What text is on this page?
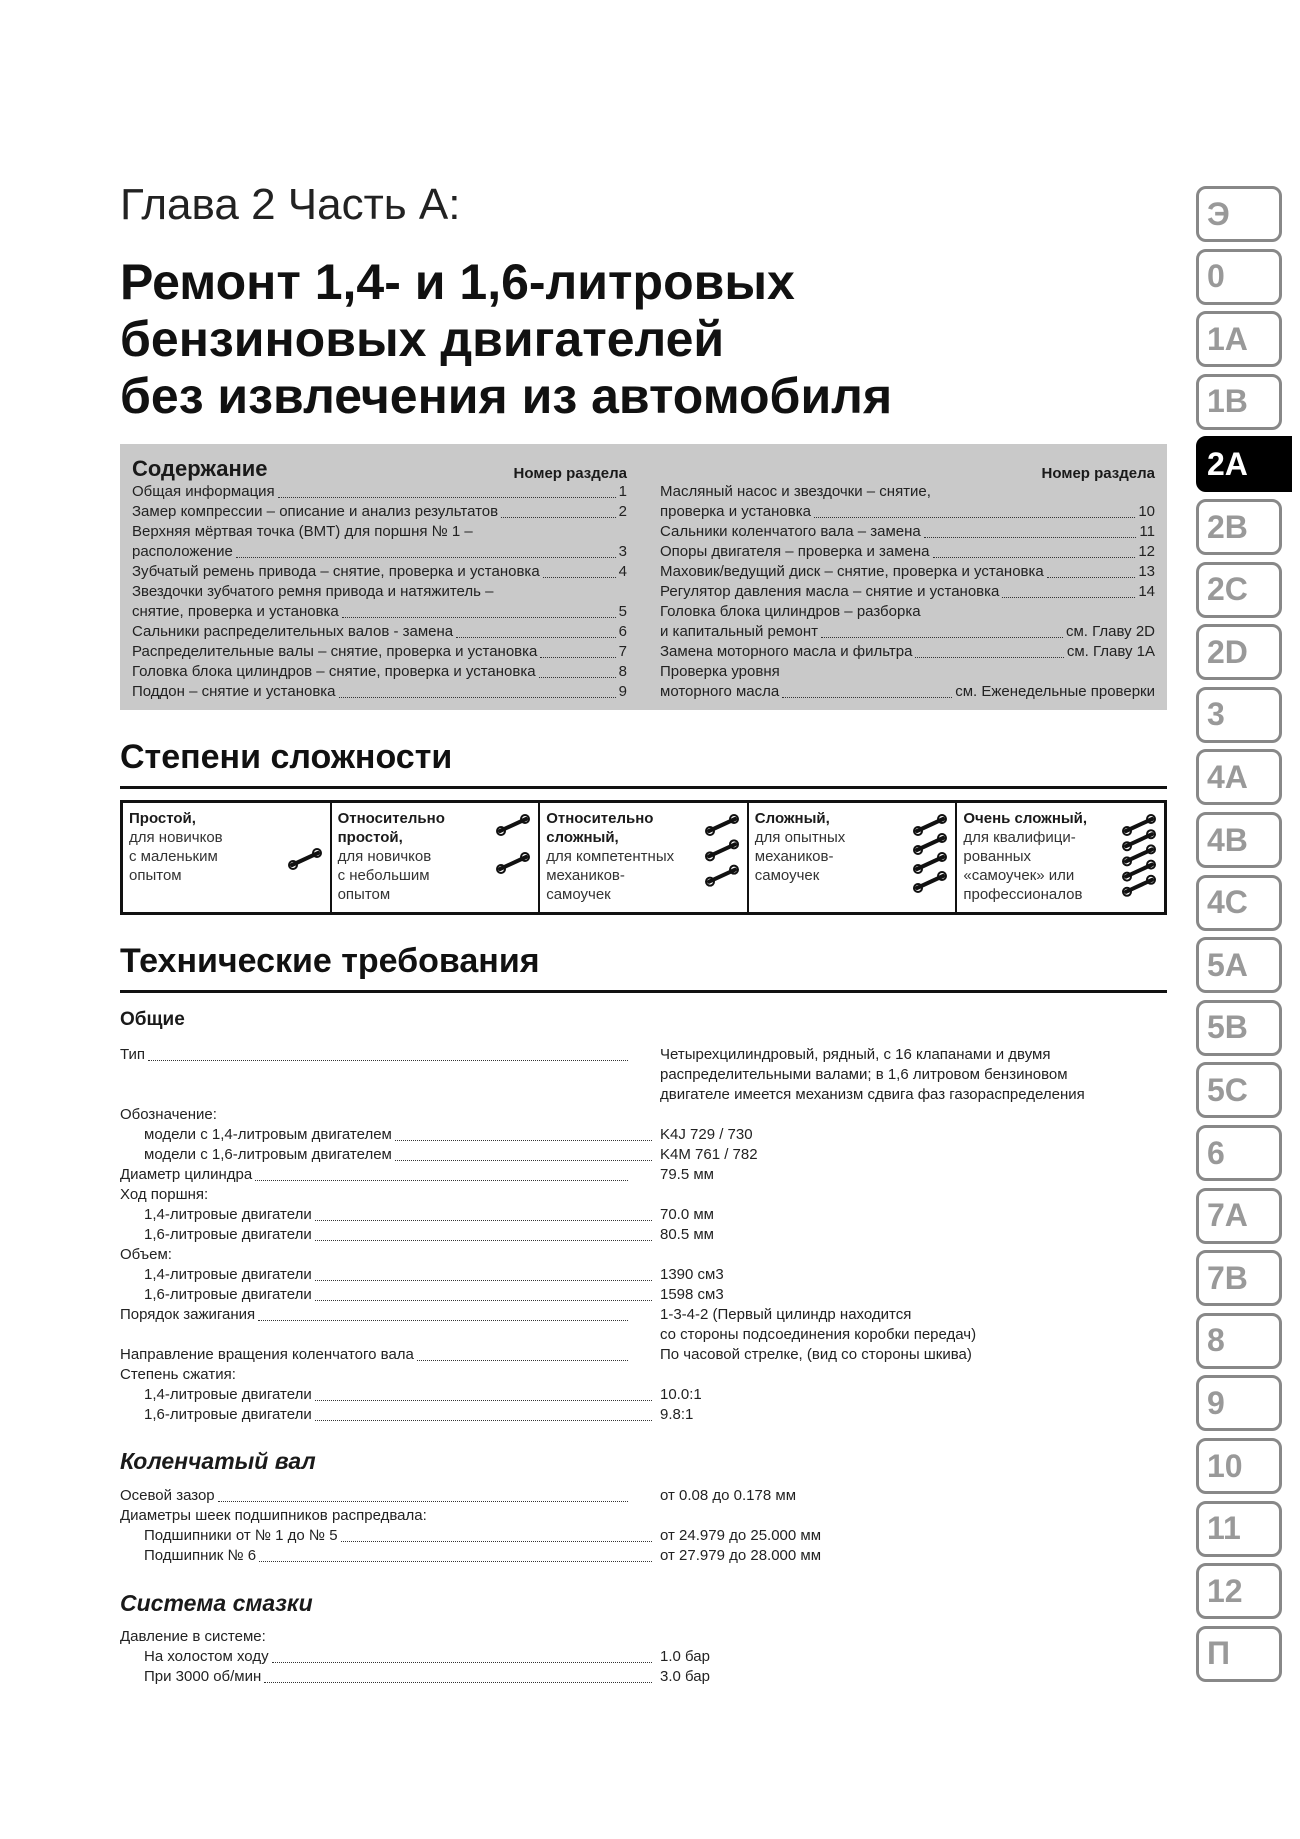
Глава 2 Часть А:
Ремонт 1,4- и 1,6-литровых
бензиновых двигателей
без извлечения из автомобиля
Содержание	Номер раздела
Общая информация	1
Замер компрессии – описание и анализ результатов	2
Верхняя мёртвая точка (ВМТ) для поршня № 1 –
расположение	3
Зубчатый ремень привода – снятие, проверка и установка	4
Звездочки зубчатого ремня привода и натяжитель –
снятие, проверка и установка	5
Сальники распределительных валов - замена	6
Распределительные валы – снятие, проверка и установка	7
Головка блока цилиндров – снятие, проверка и установка	8
Поддон – снятие и установка	9
Номер раздела
Масляный насос и звездочки – снятие,
проверка и установка	10
Сальники коленчатого вала – замена	11
Опоры двигателя – проверка и замена	12
Маховик/ведущий диск – снятие, проверка и установка	13
Регулятор давления масла – снятие и установка	14
Головка блока цилиндров – разборка
и капитальный ремонт	см. Главу 2D
Замена моторного масла и фильтра	см. Главу 1А
Проверка уровня
моторного масла	см. Еженедельные проверки
Степени сложности
Простой,
для новичков
с маленьким
опытом
Относительно
простой,
для новичков
с небольшим
опытом
Относительно
сложный,
для компетентных
механиков-
самоучек
Сложный,
для опытных
механиков-
самоучек
Очень сложный,
для квалифици-
рованных
«самоучек» или
профессионалов
Технические требования
Общие
Тип	Четырехцилиндровый, рядный, с 16 клапанами и двумя
распределительными валами; в 1,6 литровом бензиновом
двигателе имеется механизм сдвига фаз газораспределения
Обозначение:
модели с 1,4-литровым двигателем	K4J 729 / 730
модели с 1,6-литровым двигателем	K4M 761 / 782
Диаметр цилиндра	79.5 мм
Ход поршня:
1,4-литровые двигатели	70.0 мм
1,6-литровые двигатели	80.5 мм
Объем:
1,4-литровые двигатели	1390 см3
1,6-литровые двигатели	1598 см3
Порядок зажигания	1-3-4-2 (Первый цилиндр находится
со стороны подсоединения коробки передач)
Направление вращения коленчатого вала	По часовой стрелке, (вид со стороны шкива)
Степень сжатия:
1,4-литровые двигатели	10.0:1
1,6-литровые двигатели	9.8:1
Коленчатый вал
Осевой зазор	от 0.08 до 0.178 мм
Диаметры шеек подшипников распредвала:
Подшипники от № 1 до № 5	от 24.979 до 25.000 мм
Подшипник № 6	от 27.979 до 28.000 мм
Система смазки
Давление в системе:
На холостом ходу	1.0 бар
При 3000 об/мин	3.0 бар
Э
0
1A
1B
2A
2B
2C
2D
3
4A
4B
4C
5A
5B
5C
6
7A
7B
8
9
10
11
12
П
